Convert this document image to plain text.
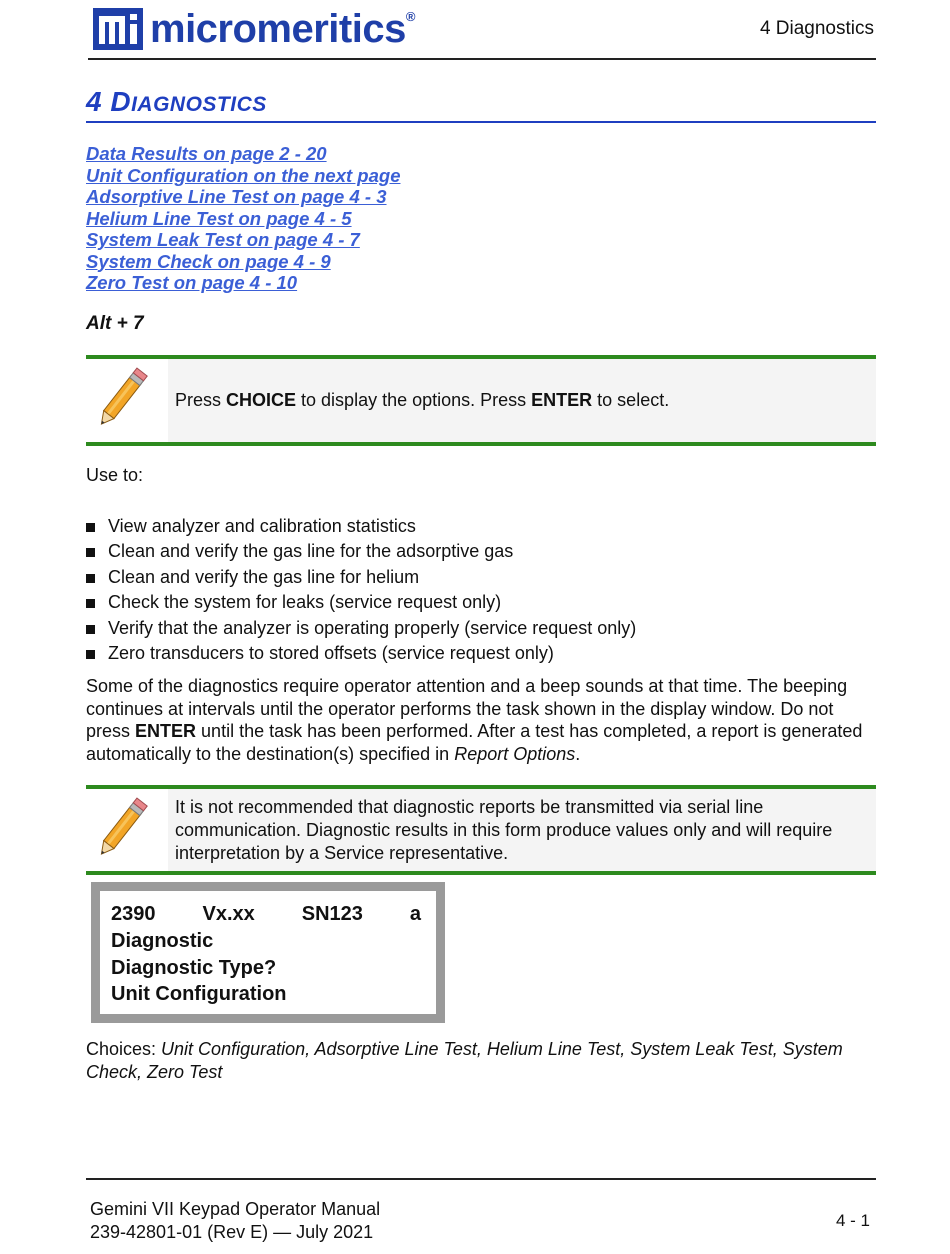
micromeritics®
4 Diagnostics
4 DIAGNOSTICS
Data Results on page 2 - 20
Unit Configuration on the next page
Adsorptive Line Test on page 4 - 3
Helium Line Test on page 4 - 5
System Leak Test on page 4 - 7
System Check on page 4 - 9
Zero Test on page 4 - 10
Alt + 7
Press CHOICE to display the options. Press ENTER to select.
Use to:
View analyzer and calibration statistics
Clean and verify the gas line for the adsorptive gas
Clean and verify the gas line for helium
Check the system for leaks (service request only)
Verify that the analyzer is operating properly (service request only)
Zero transducers to stored offsets (service request only)
Some of the diagnostics require operator attention and a beep sounds at that time. The beeping continues at intervals until the operator performs the task shown in the display window. Do not press ENTER until the task has been performed. After a test has completed, a report is generated automatically to the destination(s) specified in Report Options.
It is not recommended that diagnostic reports be transmitted via serial line communication. Diagnostic results in this form produce values only and will require interpretation by a Service representative.
2390 Vx.xx SN123 a
Diagnostic
Diagnostic Type?
Unit Configuration
Choices: Unit Configuration, Adsorptive Line Test, Helium Line Test, System Leak Test, System Check, Zero Test
Gemini VII Keypad Operator Manual
239-42801-01 (Rev E) — July 2021
4 - 1
